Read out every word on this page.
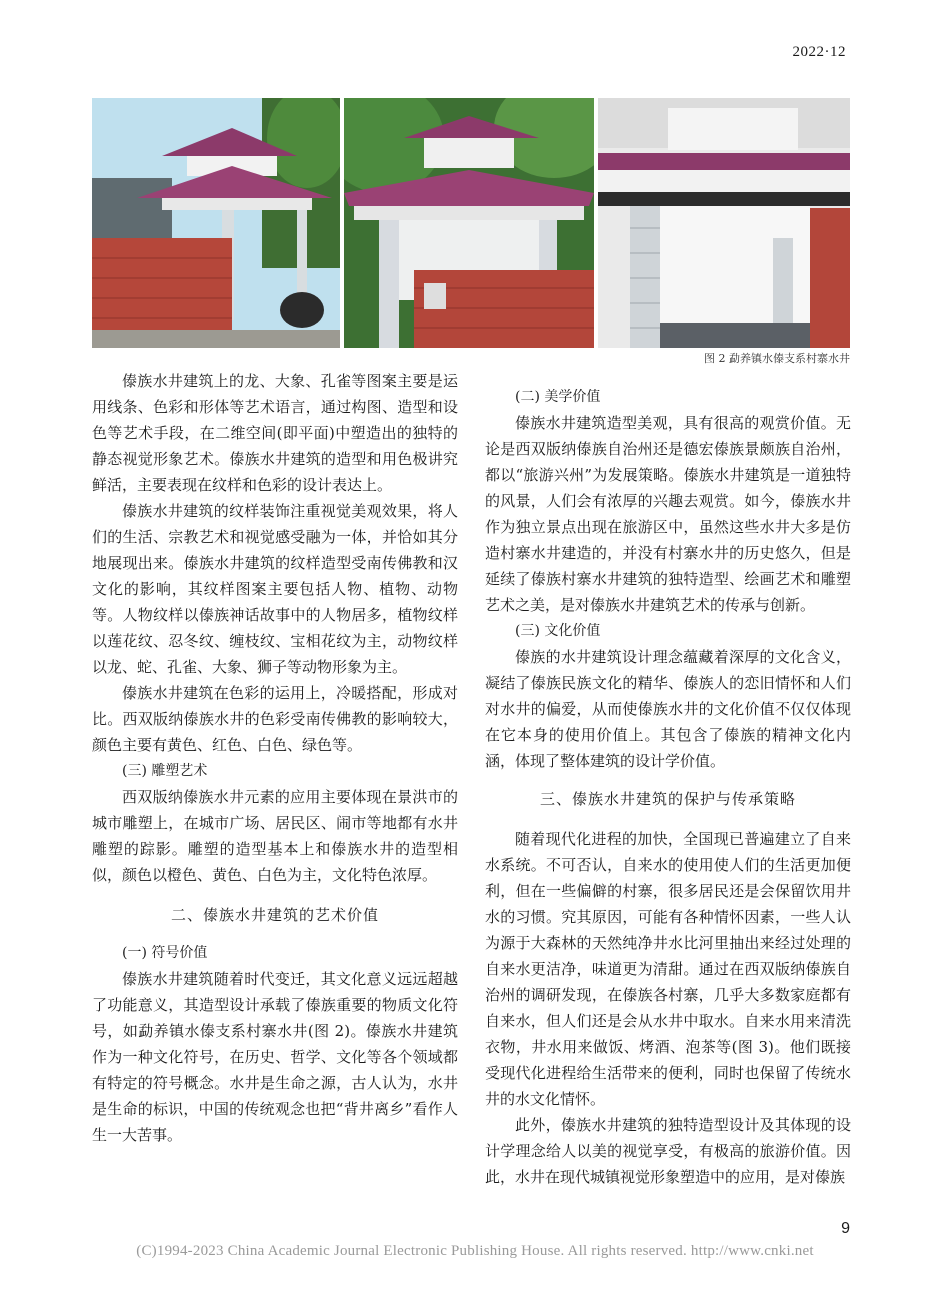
2022·12
图 2 勐养镇水傣支系村寨水井

傣族水井建筑上的龙、大象、孔雀等图案主要是运用线条、色彩和形体等艺术语言，通过构图、造型和设色等艺术手段，在二维空间(即平面)中塑造出的独特的静态视觉形象艺术。傣族水井建筑的造型和用色极讲究鲜活，主要表现在纹样和色彩的设计表达上。

傣族水井建筑的纹样装饰注重视觉美观效果，将人们的生活、宗教艺术和视觉感受融为一体，并恰如其分地展现出来。傣族水井建筑的纹样造型受南传佛教和汉文化的影响，其纹样图案主要包括人物、植物、动物等。人物纹样以傣族神话故事中的人物居多，植物纹样以莲花纹、忍冬纹、缠枝纹、宝相花纹为主，动物纹样以龙、蛇、孔雀、大象、狮子等动物形象为主。

傣族水井建筑在色彩的运用上，冷暖搭配，形成对比。西双版纳傣族水井的色彩受南传佛教的影响较大，颜色主要有黄色、红色、白色、绿色等。

(三) 雕塑艺术

西双版纳傣族水井元素的应用主要体现在景洪市的城市雕塑上，在城市广场、居民区、闹市等地都有水井雕塑的踪影。雕塑的造型基本上和傣族水井的造型相似，颜色以橙色、黄色、白色为主，文化特色浓厚。

二、傣族水井建筑的艺术价值
(一) 符号价值

傣族水井建筑随着时代变迁，其文化意义远远超越了功能意义，其造型设计承载了傣族重要的物质文化符号，如勐养镇水傣支系村寨水井(图 2)。傣族水井建筑作为一种文化符号，在历史、哲学、文化等各个领域都有特定的符号概念。水井是生命之源，古人认为，水井是生命的标识，中国的传统观念也把“背井离乡”看作人生一大苦事。

(二) 美学价值

傣族水井建筑造型美观，具有很高的观赏价值。无论是西双版纳傣族自治州还是德宏傣族景颇族自治州，都以“旅游兴州”为发展策略。傣族水井建筑是一道独特的风景，人们会有浓厚的兴趣去观赏。如今，傣族水井作为独立景点出现在旅游区中，虽然这些水井大多是仿造村寨水井建造的，并没有村寨水井的历史悠久，但是延续了傣族村寨水井建筑的独特造型、绘画艺术和雕塑艺术之美，是对傣族水井建筑艺术的传承与创新。

(三) 文化价值

傣族的水井建筑设计理念蕴藏着深厚的文化含义，凝结了傣族民族文化的精华、傣族人的恋旧情怀和人们对水井的偏爱，从而使傣族水井的文化价值不仅仅体现在它本身的使用价值上。其包含了傣族的精神文化内涵，体现了整体建筑的设计学价值。

三、傣族水井建筑的保护与传承策略

随着现代化进程的加快，全国现已普遍建立了自来水系统。不可否认，自来水的使用使人们的生活更加便利，但在一些偏僻的村寨，很多居民还是会保留饮用井水的习惯。究其原因，可能有各种情怀因素，一些人认为源于大森林的天然纯净井水比河里抽出来经过处理的自来水更洁净，味道更为清甜。通过在西双版纳傣族自治州的调研发现，在傣族各村寨，几乎大多数家庭都有自来水，但人们还是会从水井中取水。自来水用来清洗衣物，井水用来做饭、烤酒、泡茶等(图 3)。他们既接受现代化进程给生活带来的便利，同时也保留了传统水井的水文化情怀。

此外，傣族水井建筑的独特造型设计及其体现的设计学理念给人以美的视觉享受，有极高的旅游价值。因此，水井在现代城镇视觉形象塑造中的应用，是对傣族

9
(C)1994-2023 China Academic Journal Electronic Publishing House. All rights reserved. http://www.cnki.net
